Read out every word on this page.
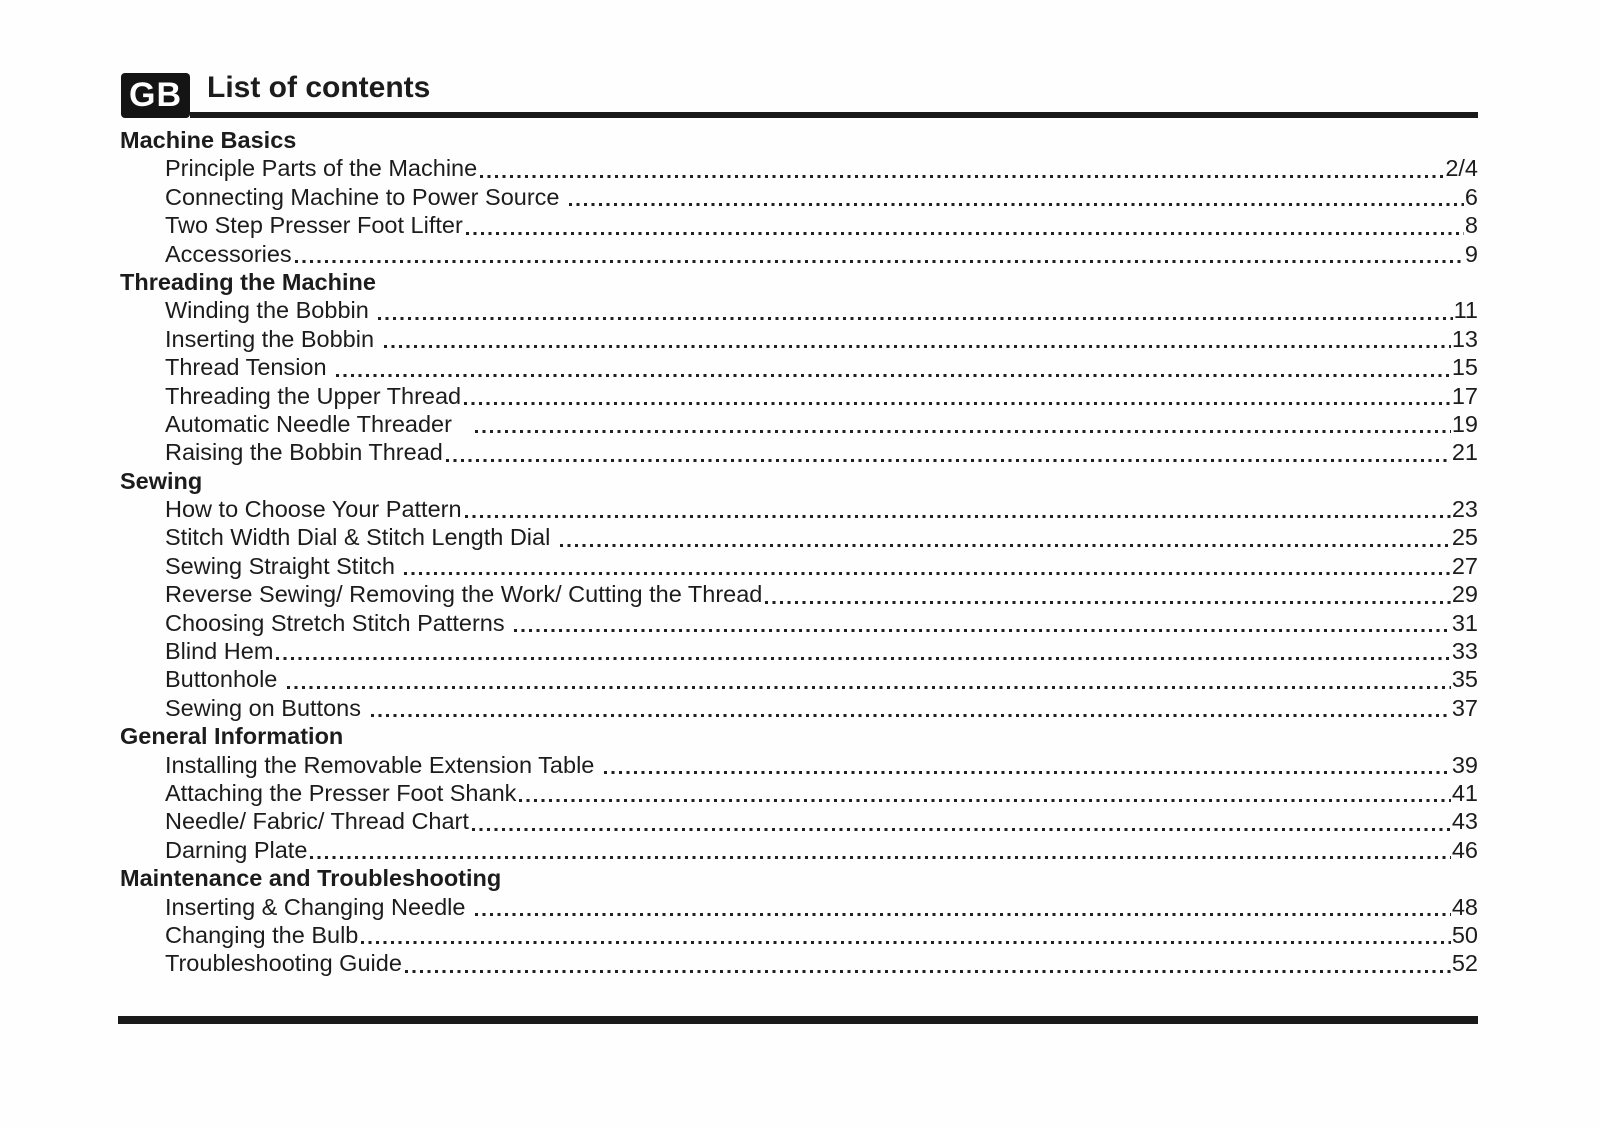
GB List of contents
Machine Basics
Principle Parts of the Machine	2/4
Connecting Machine to Power Source	6
Two Step Presser Foot Lifter	8
Accessories	9
Threading the Machine
Winding the Bobbin	11
Inserting the Bobbin	13
Thread Tension	15
Threading the Upper Thread	17
Automatic Needle Threader	19
Raising the Bobbin Thread	21
Sewing
How to Choose Your Pattern	23
Stitch Width Dial & Stitch Length Dial	25
Sewing Straight Stitch	27
Reverse Sewing/ Removing the Work/ Cutting the Thread	29
Choosing Stretch Stitch Patterns	31
Blind Hem	33
Buttonhole	35
Sewing on Buttons	37
General Information
Installing the Removable Extension Table	39
Attaching the Presser Foot Shank	41
Needle/ Fabric/ Thread Chart	43
Darning Plate	46
Maintenance and Troubleshooting
Inserting & Changing Needle	48
Changing the Bulb	50
Troubleshooting Guide	52
